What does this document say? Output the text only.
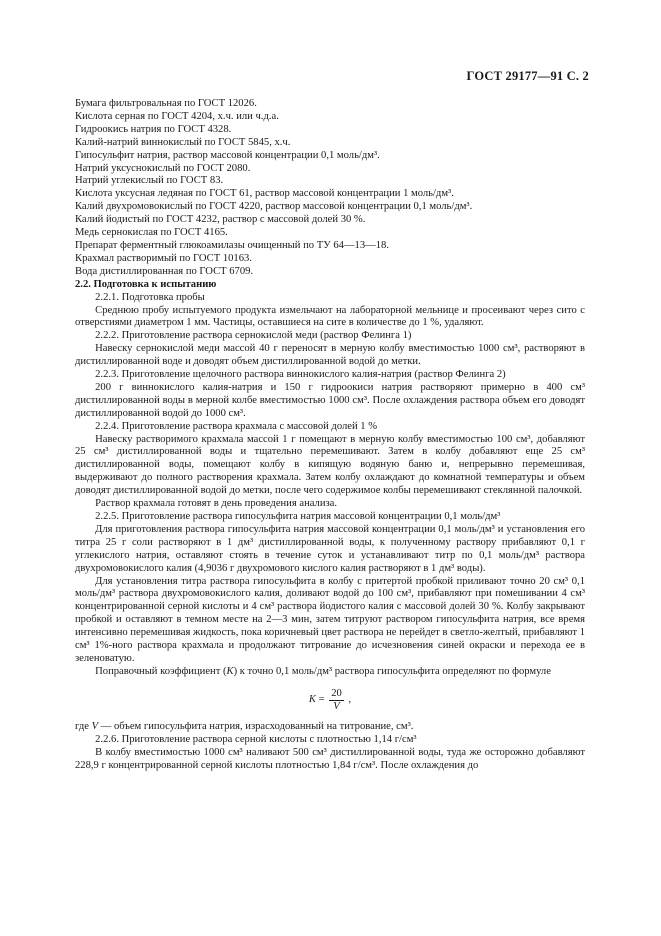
ГОСТ 29177—91 С. 2
Бумага фильтровальная по ГОСТ 12026.
Кислота серная по ГОСТ 4204, х.ч. или ч.д.а.
Гидроокись натрия по ГОСТ 4328.
Калий-натрий виннокислый по ГОСТ 5845, х.ч.
Гипосульфит натрия, раствор массовой концентрации 0,1 моль/дм³.
Натрий уксуснокислый по ГОСТ 2080.
Натрий углекислый по ГОСТ 83.
Кислота уксусная ледяная по ГОСТ 61, раствор массовой концентрации 1 моль/дм³.
Калий двухромовокислый по ГОСТ 4220, раствор массовой концентрации 0,1 моль/дм³.
Калий йодистый по ГОСТ 4232, раствор с массовой долей 30 %.
Медь сернокислая по ГОСТ 4165.
Препарат ферментный глюкоамилазы очищенный по ТУ 64—13—18.
Крахмал растворимый по ГОСТ 10163.
Вода дистиллированная по ГОСТ 6709.
2.2. Подготовка к испытанию
2.2.1. Подготовка пробы
Среднюю пробу испытуемого продукта измельчают на лабораторной мельнице и просеивают через сито с отверстиями диаметром 1 мм. Частицы, оставшиеся на сите в количестве до 1 %, удаляют.
2.2.2. Приготовление раствора сернокислой меди (раствор Фелинга 1)
Навеску сернокислой меди массой 40 г переносят в мерную колбу вместимостью 1000 см³, растворяют в дистиллированной воде и доводят объем дистиллированной водой до метки.
2.2.3. Приготовление щелочного раствора виннокислого калия-натрия (раствор Фелинга 2)
200 г виннокислого калия-натрия и 150 г гидроокиси натрия растворяют примерно в 400 см³ дистиллированной воды в мерной колбе вместимостью 1000 см³. После охлаждения раствора объем его доводят дистиллированной водой до 1000 см³.
2.2.4. Приготовление раствора крахмала с массовой долей 1 %
Навеску растворимого крахмала массой 1 г помещают в мерную колбу вместимостью 100 см³, добавляют 25 см³ дистиллированной воды и тщательно перемешивают. Затем в колбу добавляют еще 25 см³ дистиллированной воды, помещают колбу в кипящую водяную баню и, непрерывно перемешивая, выдерживают до полного растворения крахмала. Затем колбу охлаждают до комнатной температуры и объем доводят дистиллированной водой до метки, после чего содержимое колбы перемешивают стеклянной палочкой.
Раствор крахмала готовят в день проведения анализа.
2.2.5. Приготовление раствора гипосульфита натрия массовой концентрации 0,1 моль/дм³
Для приготовления раствора гипосульфита натрия массовой концентрации 0,1 моль/дм³ и установления его титра 25 г соли растворяют в 1 дм³ дистиллированной воды, к полученному раствору прибавляют 0,1 г углекислого натрия, оставляют стоять в течение суток и устанавливают титр по 0,1 моль/дм³ раствора двухромовокислого калия (4,9036 г двухромового кислого калия растворяют в 1 дм³ воды).
Для установления титра раствора гипосульфита в колбу с притертой пробкой приливают точно 20 см³ 0,1 моль/дм³ раствора двухромовокислого калия, доливают водой до 100 см³, прибавляют при помешивании 4 см³ концентрированной серной кислоты и 4 см³ раствора йодистого калия с массовой долей 30 %. Колбу закрывают пробкой и оставляют в темном месте на 2—3 мин, затем титруют раствором гипосульфита натрия, все время интенсивно перемешивая жидкость, пока коричневый цвет раствора не перейдет в светло-желтый, прибавляют 1 см³ 1%-ного раствора крахмала и продолжают титрование до исчезновения синей окраски и перехода ее в зеленоватую.
Поправочный коэффициент (K) к точно 0,1 моль/дм³ раствора гипосульфита определяют по формуле
$K = \frac{20}{V}$ ,
где V — объем гипосульфита натрия, израсходованный на титрование, см³.
2.2.6. Приготовление раствора серной кислоты с плотностью 1,14 г/см³
В колбу вместимостью 1000 см³ наливают 500 см³ дистиллированной воды, туда же осторожно добавляют 228,9 г концентрированной серной кислоты плотностью 1,84 г/см³. После охлаждения до
